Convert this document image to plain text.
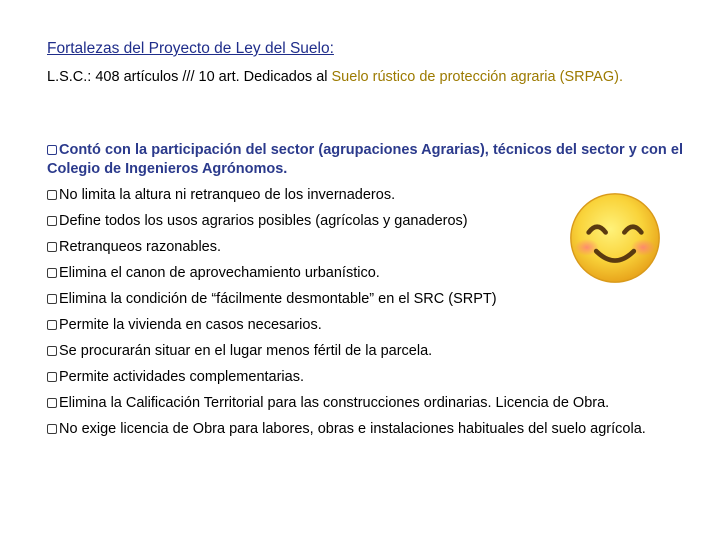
Fortalezas del Proyecto de Ley del Suelo:
L.S.C.: 408 artículos /// 10 art. Dedicados al Suelo rústico de protección agraria (SRPAG).
Contó con la participación del sector (agrupaciones Agrarias), técnicos del sector y con el Colegio de Ingenieros Agrónomos.
No limita la altura ni retranqueo de los invernaderos.
Define todos los usos agrarios posibles (agrícolas y ganaderos)
Retranqueos razonables.
Elimina el canon de aprovechamiento urbanístico.
Elimina la condición de “fácilmente desmontable” en el SRC (SRPT)
Permite la vivienda en casos necesarios.
Se procurarán situar en el lugar menos fértil de la parcela.
Permite actividades complementarias.
Elimina la Calificación Territorial para las construcciones ordinarias. Licencia de Obra.
No exige licencia de Obra para labores, obras e instalaciones habituales del suelo agrícola.
